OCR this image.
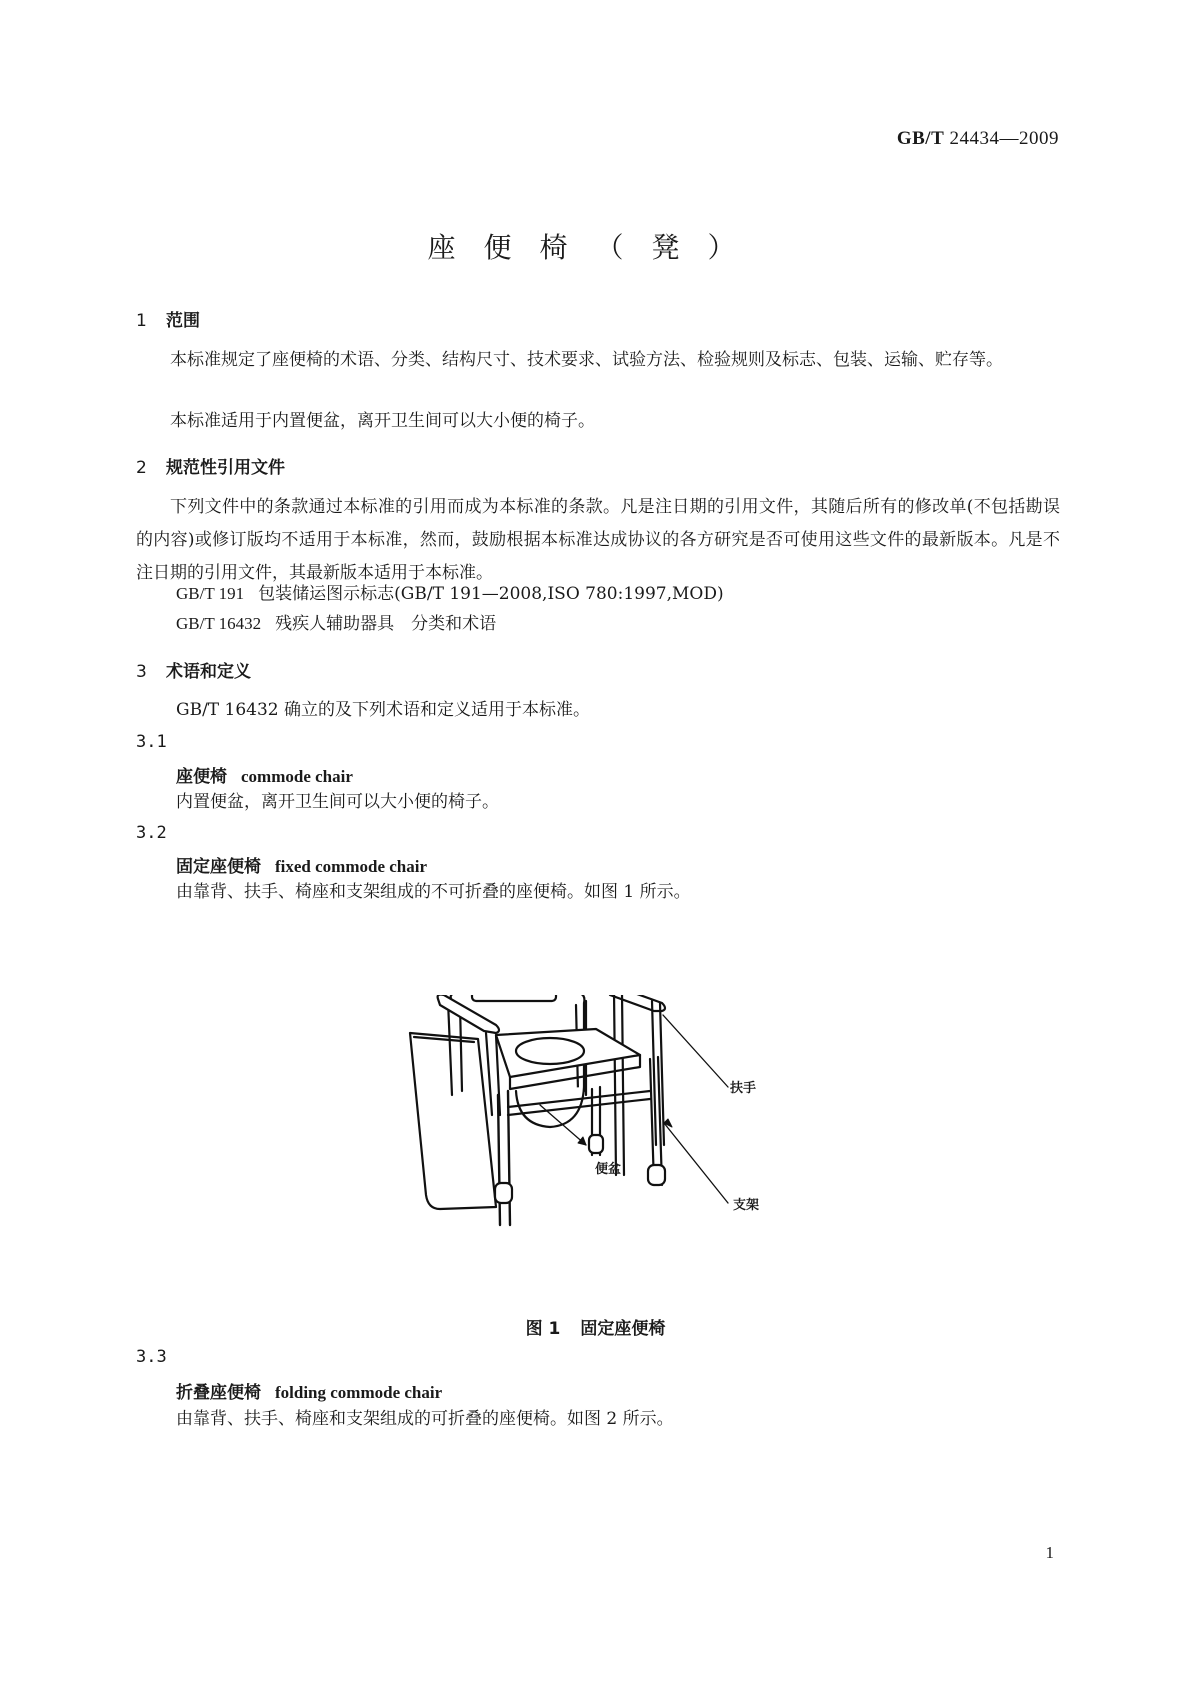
GB/T 24434—2009
座便椅（凳）
1 范围
本标准规定了座便椅的术语、分类、结构尺寸、技术要求、试验方法、检验规则及标志、包装、运输、贮存等。
本标准适用于内置便盆，离开卫生间可以大小便的椅子。
2 规范性引用文件
下列文件中的条款通过本标准的引用而成为本标准的条款。凡是注日期的引用文件，其随后所有的修改单(不包括勘误的内容)或修订版均不适用于本标准，然而，鼓励根据本标准达成协议的各方研究是否可使用这些文件的最新版本。凡是不注日期的引用文件，其最新版本适用于本标准。
GB/T 191 包装储运图示标志(GB/T 191—2008,ISO 780:1997,MOD)
GB/T 16432 残疾人辅助器具　分类和术语
3 术语和定义
GB/T 16432 确立的及下列术语和定义适用于本标准。
3.1
座便椅 commode chair
内置便盆，离开卫生间可以大小便的椅子。
3.2
固定座便椅 fixed commode chair
由靠背、扶手、椅座和支架组成的不可折叠的座便椅。如图 1 所示。
扶手
便盆
支架
图 1 固定座便椅
3.3
折叠座便椅 folding commode chair
由靠背、扶手、椅座和支架组成的可折叠的座便椅。如图 2 所示。
1
